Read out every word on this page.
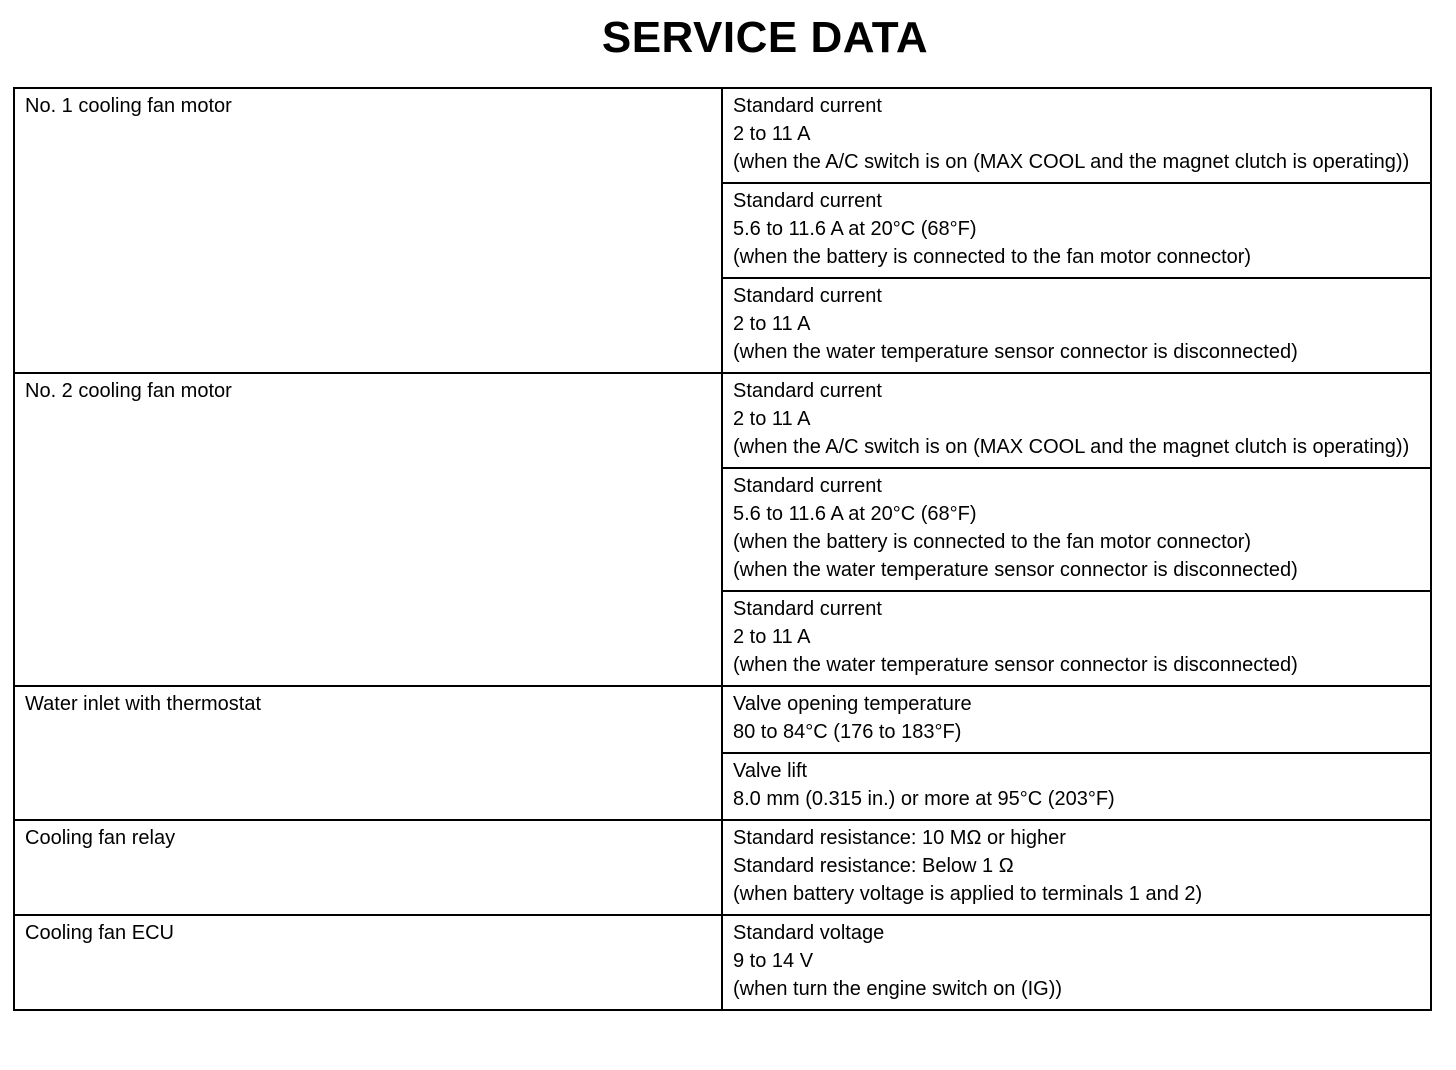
SERVICE DATA
No. 1 cooling fan motor	Standard current
2 to 11 A
(when the A/C switch is on (MAX COOL and the magnet clutch is operating))

	Standard current
5.6 to 11.6 A at 20°C (68°F)
(when the battery is connected to the fan motor connector)

	Standard current
2 to 11 A
(when the water temperature sensor connector is disconnected)

No. 2 cooling fan motor	Standard current
2 to 11 A
(when the A/C switch is on (MAX COOL and the magnet clutch is operating))

	Standard current
5.6 to 11.6 A at 20°C (68°F)
(when the battery is connected to the fan motor connector)
(when the water temperature sensor connector is disconnected)

	Standard current
2 to 11 A
(when the water temperature sensor connector is disconnected)

Water inlet with thermostat	Valve opening temperature
80 to 84°C (176 to 183°F)

	Valve lift
8.0 mm (0.315 in.) or more at 95°C (203°F)

Cooling fan relay	Standard resistance: 10 MΩ or higher
Standard resistance: Below 1 Ω
(when battery voltage is applied to terminals 1 and 2)

Cooling fan ECU	Standard voltage
9 to 14 V
(when turn the engine switch on (IG))
